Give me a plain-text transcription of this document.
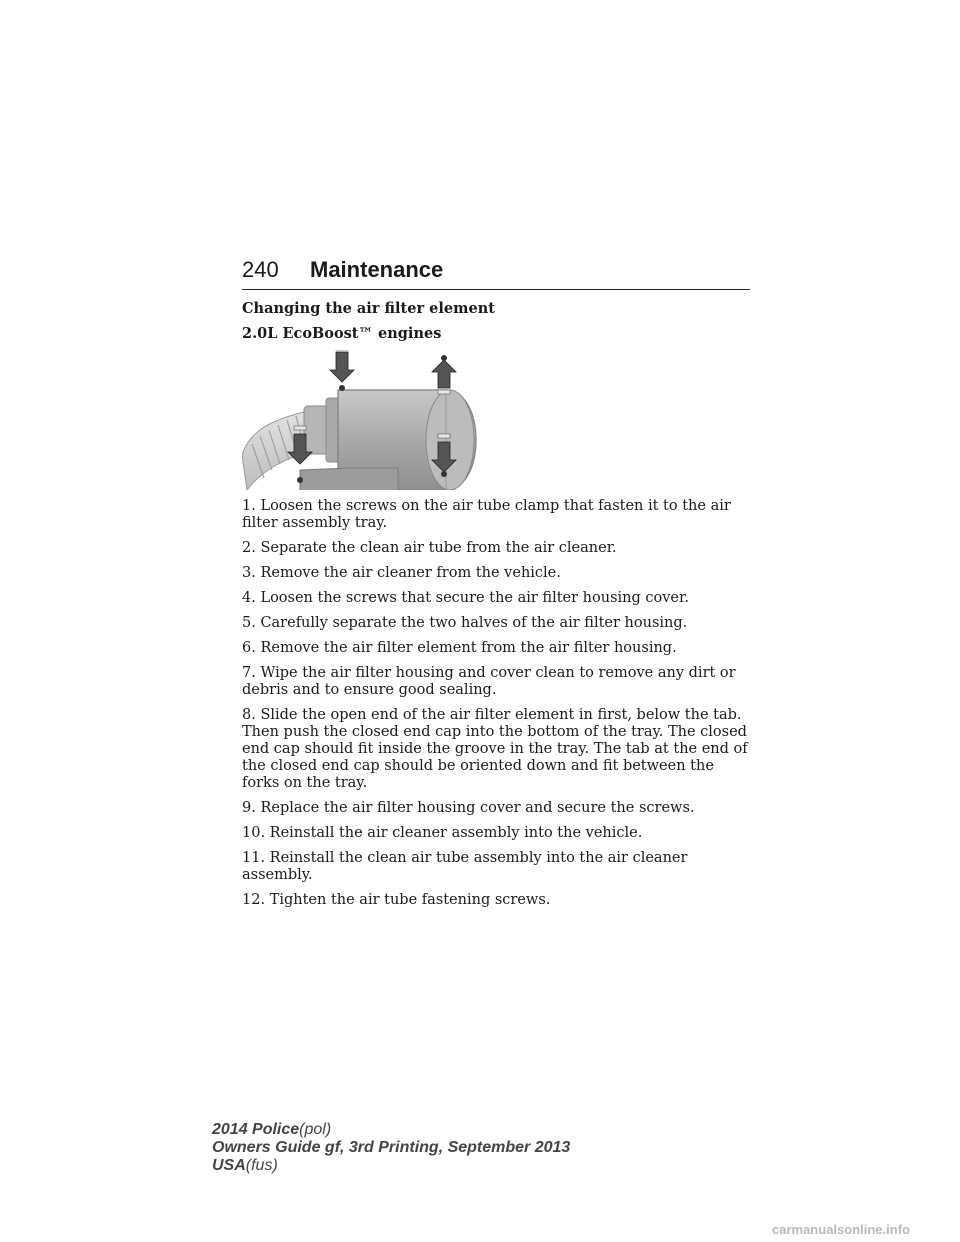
240 Maintenance

Changing the air filter element

2.0L EcoBoost™ engines

1. Loosen the screws on the air tube clamp that fasten it to the air filter assembly tray.
2. Separate the clean air tube from the air cleaner.
3. Remove the air cleaner from the vehicle.
4. Loosen the screws that secure the air filter housing cover.
5. Carefully separate the two halves of the air filter housing.
6. Remove the air filter element from the air filter housing.
7. Wipe the air filter housing and cover clean to remove any dirt or debris and to ensure good sealing.
8. Slide the open end of the air filter element in first, below the tab. Then push the closed end cap into the bottom of the tray. The closed end cap should fit inside the groove in the tray. The tab at the end of the closed end cap should be oriented down and fit between the forks on the tray.
9. Replace the air filter housing cover and secure the screws.
10. Reinstall the air cleaner assembly into the vehicle.
11. Reinstall the clean air tube assembly into the air cleaner assembly.
12. Tighten the air tube fastening screws.
2014 Police(pol)
Owners Guide gf, 3rd Printing, September 2013
USA(fus)
carmanualsonline.info
